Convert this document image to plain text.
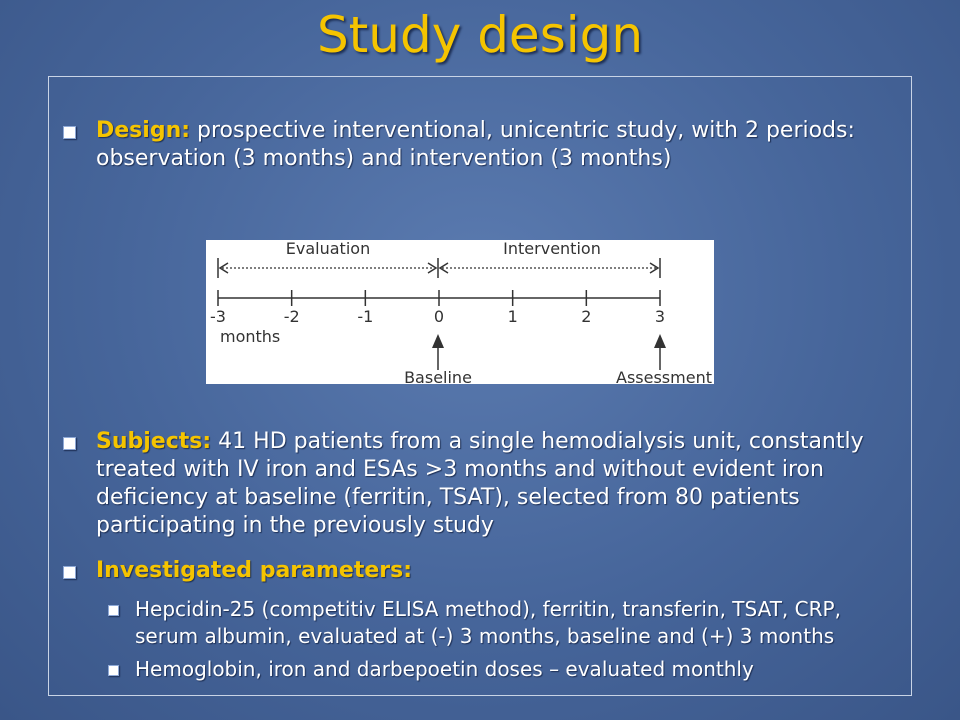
Study design
Design: prospective interventional, unicentric study, with 2 periods: observation (3 months) and intervention (3 months)
Evaluation	Intervention
-3	-2	-1	0	1	2	3
months
Baseline	Assessment
Subjects: 41 HD patients from a single hemodialysis unit, constantly treated with IV iron and ESAs >3 months and without evident iron deficiency at baseline (ferritin, TSAT), selected from 80 patients participating in the previously study
Investigated parameters:
Hepcidin-25 (competitiv ELISA method), ferritin, transferin, TSAT, CRP, serum albumin, evaluated at (-) 3 months, baseline and (+) 3 months
Hemoglobin, iron and darbepoetin doses – evaluated monthly
